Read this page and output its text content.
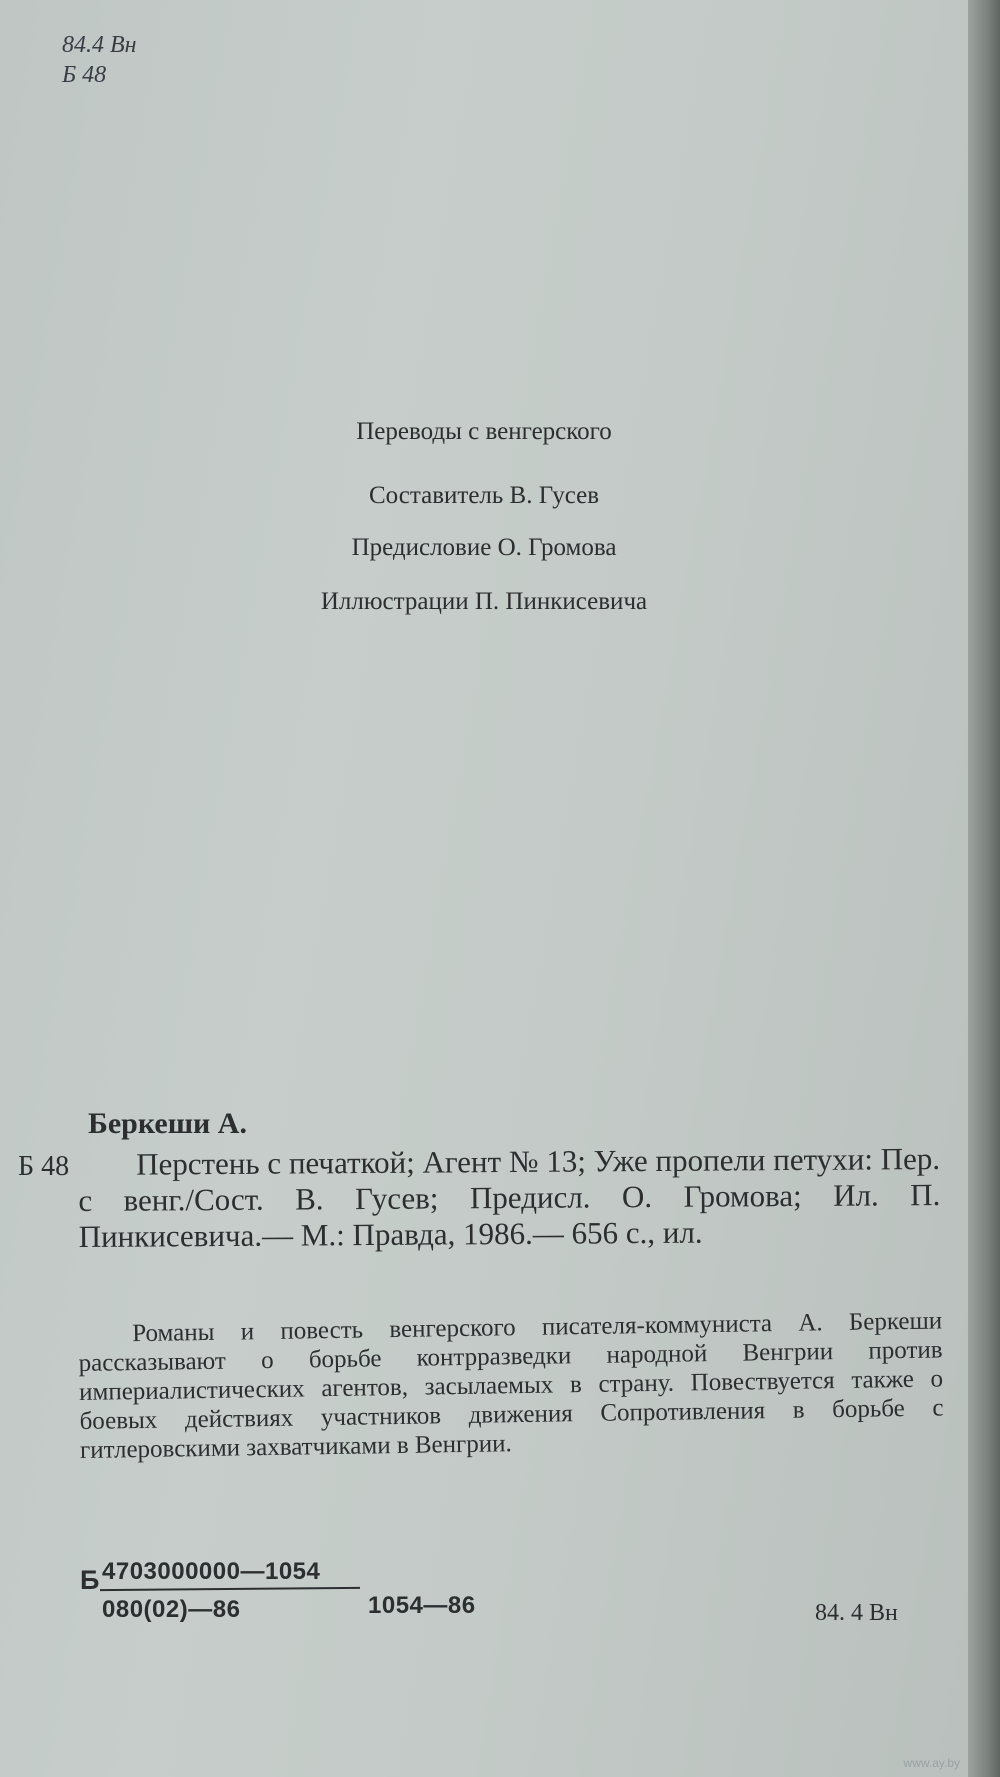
84.4 Вн
Б 48
Переводы с венгерского
Составитель В. Гусев
Предисловие О. Громова
Иллюстрации П. Пинкисевича
Беркеши А.
Б 48	Перстень с печаткой; Агент № 13; Уже пропели петухи: Пер. с венг./Сост. В. Гусев; Предисл. О. Громова; Ил. П. Пинкисевича.— М.: Правда, 1986.— 656 с., ил.
Романы и повесть венгерского писателя-коммуниста А. Беркеши рассказывают о борьбе контрразведки народной Венгрии против империалистических агентов, засылаемых в страну. Повествуется также о боевых действиях участников движения Сопротивления в борьбе с гитлеровскими захватчиками в Венгрии.
Б 4703000000—1054
080(02)—86	1054—86	84. 4 Вн
www.ay.by
